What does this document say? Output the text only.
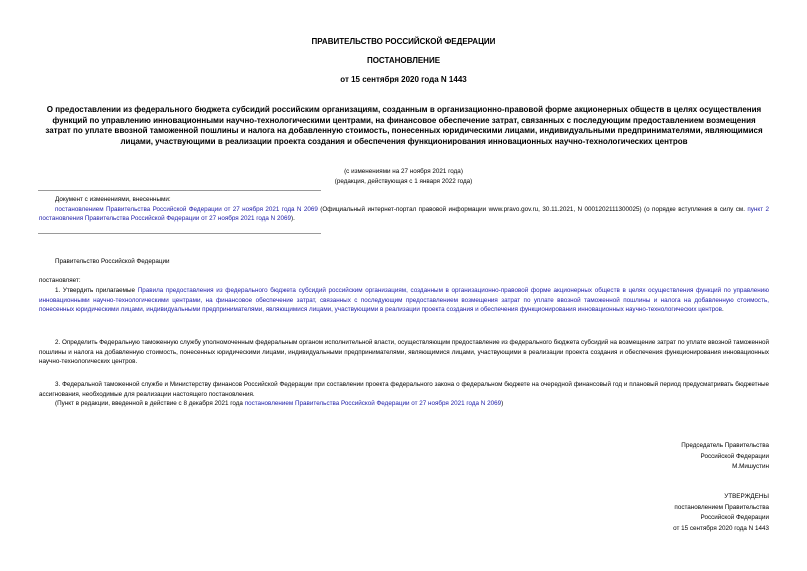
ПРАВИТЕЛЬСТВО РОССИЙСКОЙ ФЕДЕРАЦИИ
ПОСТАНОВЛЕНИЕ
от 15 сентября 2020 года N 1443
О предоставлении из федерального бюджета субсидий российским организациям, созданным в организационно-правовой форме акционерных обществ в целях осуществления функций по управлению инновационными научно-технологическими центрами, на финансовое обеспечение затрат, связанных с последующим предоставлением возмещения затрат по уплате ввозной таможенной пошлины и налога на добавленную стоимость, понесенных юридическими лицами, индивидуальными предпринимателями, являющимися лицами, участвующими в реализации проекта создания и обеспечения функционирования инновационных научно-технологических центров
(с изменениями на 27 ноября 2021 года)
(редакция, действующая с 1 января 2022 года)
Документ с изменениями, внесенными:
постановлением Правительства Российской Федерации от 27 ноября 2021 года N 2069 (Официальный интернет-портал правовой информации www.pravo.gov.ru, 30.11.2021, N 0001202111300025) (о порядке вступления в силу см. пункт 2 постановления Правительства Российской Федерации от 27 ноября 2021 года N 2069).
Правительство Российской Федерации
постановляет:
1. Утвердить прилагаемые Правила предоставления из федерального бюджета субсидий российским организациям, созданным в организационно-правовой форме акционерных обществ в целях осуществления функций по управлению инновационными научно-технологическими центрами, на финансовое обеспечение затрат, связанных с последующим предоставлением возмещения затрат по уплате ввозной таможенной пошлины и налога на добавленную стоимость, понесенных юридическими лицами, индивидуальными предпринимателями, являющимися лицами, участвующими в реализации проекта создания и обеспечения функционирования инновационных научно-технологических центров.
2. Определить Федеральную таможенную службу уполномоченным федеральным органом исполнительной власти, осуществляющим предоставление из федерального бюджета субсидий на возмещение затрат по уплате ввозной таможенной пошлины и налога на добавленную стоимость, понесенных юридическими лицами, индивидуальными предпринимателями, являющимися лицами, участвующими в реализации проекта создания и обеспечения функционирования инновационных научно-технологических центров.
3. Федеральной таможенной службе и Министерству финансов Российской Федерации при составлении проекта федерального закона о федеральном бюджете на очередной финансовый год и плановый период предусматривать бюджетные ассигнования, необходимые для реализации настоящего постановления.
(Пункт в редакции, введенной в действие с 8 декабря 2021 года постановлением Правительства Российской Федерации от 27 ноября 2021 года N 2069)
Председатель Правительства
Российской Федерации
М.Мишустин
УТВЕРЖДЕНЫ
постановлением Правительства
Российской Федерации
от 15 сентября 2020 года N 1443
